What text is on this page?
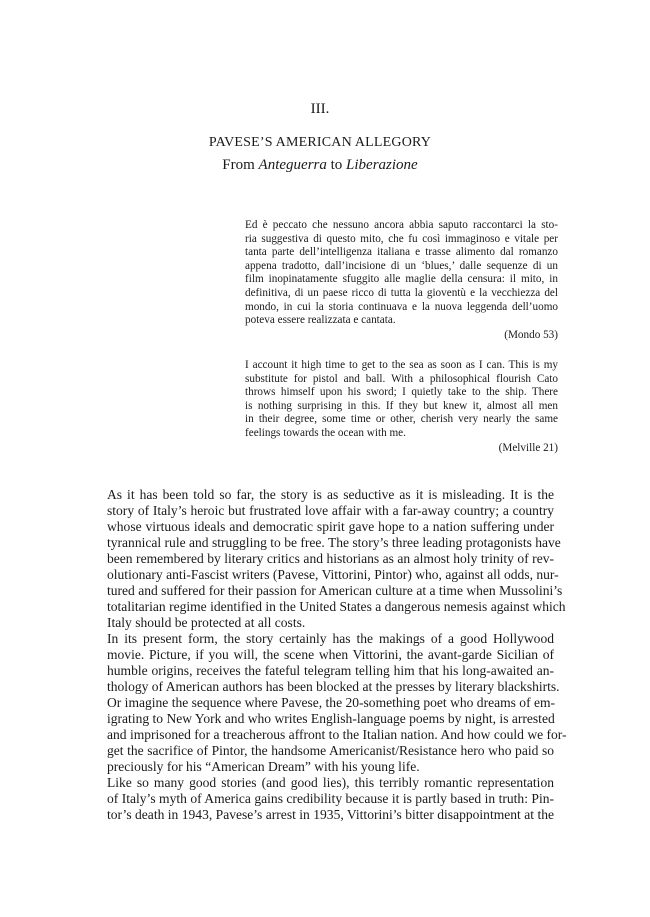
III.
PAVESE’S AMERICAN ALLEGORY
From Anteguerra to Liberazione

Ed è peccato che nessuno ancora abbia saputo raccontarci la sto-
ria suggestiva di questo mito, che fu così immaginoso e vitale per
tanta parte dell’intelligenza italiana e trasse alimento dal romanzo
appena tradotto, dall’incisione di un ‘blues,’ dalle sequenze di un
film inopinatamente sfuggito alle maglie della censura: il mito, in
definitiva, di un paese ricco di tutta la gioventù e la vecchiezza del
mondo, in cui la storia continuava e la nuova leggenda dell’uomo
poteva essere realizzata e cantata.

(Mondo 53)

I account it high time to get to the sea as soon as I can. This is my
substitute for pistol and ball. With a philosophical flourish Cato
throws himself upon his sword; I quietly take to the ship. There
is nothing surprising in this. If they but knew it, almost all men
in their degree, some time or other, cherish very nearly the same
feelings towards the ocean with me.

(Melville 21)

As it has been told so far, the story is as seductive as it is misleading. It is the
story of Italy’s heroic but frustrated love affair with a far-away country; a country
whose virtuous ideals and democratic spirit gave hope to a nation suffering under
tyrannical rule and struggling to be free. The story’s three leading protagonists have
been remembered by literary critics and historians as an almost holy trinity of rev-
olutionary anti-Fascist writers (Pavese, Vittorini, Pintor) who, against all odds, nur-
tured and suffered for their passion for American culture at a time when Mussolini’s
totalitarian regime identified in the United States a dangerous nemesis against which
Italy should be protected at all costs.

In its present form, the story certainly has the makings of a good Hollywood
movie. Picture, if you will, the scene when Vittorini, the avant-garde Sicilian of
humble origins, receives the fateful telegram telling him that his long-awaited an-
thology of American authors has been blocked at the presses by literary blackshirts.
Or imagine the sequence where Pavese, the 20-something poet who dreams of em-
igrating to New York and who writes English-language poems by night, is arrested
and imprisoned for a treacherous affront to the Italian nation. And how could we for-
get the sacrifice of Pintor, the handsome Americanist/Resistance hero who paid so
preciously for his “American Dream” with his young life.

Like so many good stories (and good lies), this terribly romantic representation
of Italy’s myth of America gains credibility because it is partly based in truth: Pin-
tor’s death in 1943, Pavese’s arrest in 1935, Vittorini’s bitter disappointment at the
